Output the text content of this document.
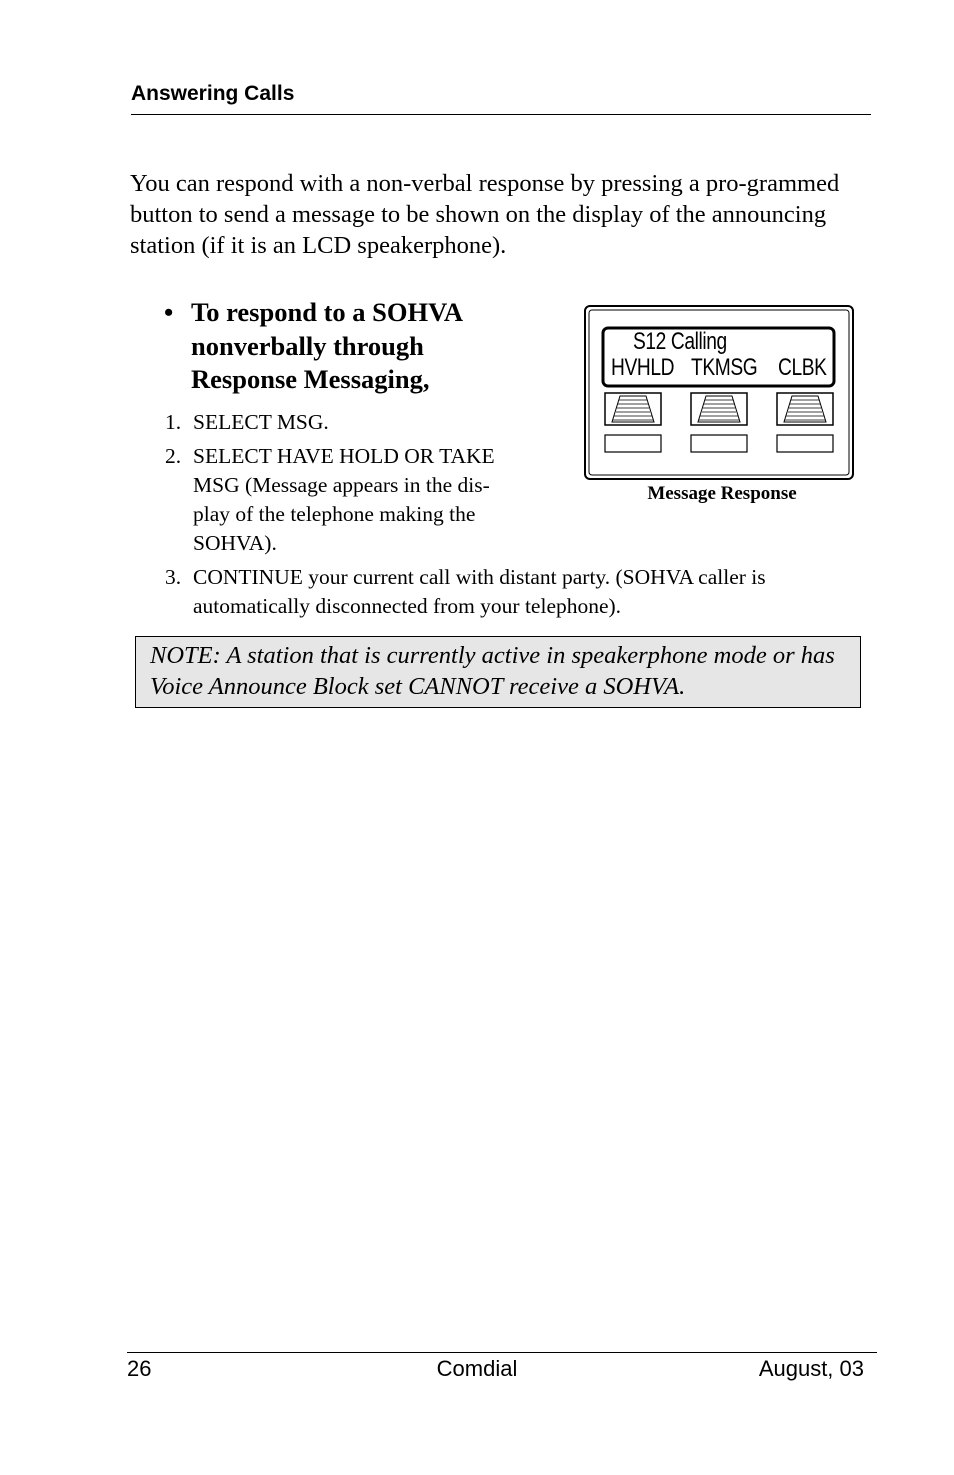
Answering Calls
You can respond with a non-verbal response by pressing a pro-grammed button to send a message to be shown on the display of the announcing station (if it is an LCD speakerphone).
• To respond to a SOHVA
nonverbally through
Response Messaging,
1. SELECT MSG.
2. SELECT HAVE HOLD OR TAKE
MSG (Message appears in the dis-
play of the telephone making the
SOHVA).
3. CONTINUE your current call with distant party. (SOHVA caller is
automatically disconnected from your telephone).
S12 Calling
HVHLD TKMSG CLBK
Message Response
NOTE: A station that is currently active in speakerphone mode or has Voice Announce Block set CANNOT receive a SOHVA.
26	Comdial	August, 03
